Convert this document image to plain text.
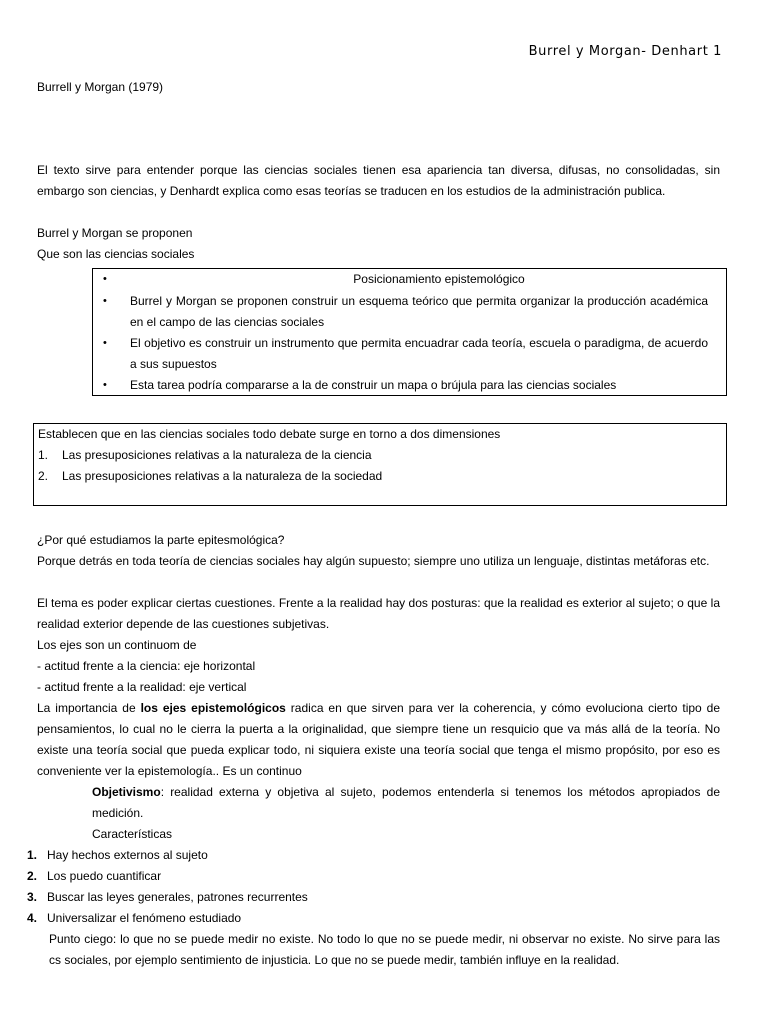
Burrel y Morgan- Denhart 1

Burrell y Morgan (1979)

El texto sirve para entender porque las ciencias sociales tienen esa apariencia tan diversa, difusas, no consolidadas, sin embargo son ciencias, y Denhardt explica como esas teorías se traducen en los estudios de la administración publica.

Burrel y Morgan se proponen

Que son las ciencias sociales

•	Posicionamiento epistemológico
• Burrel y Morgan se proponen construir un esquema teórico que permita organizar la producción académica en el campo de las ciencias sociales
• El objetivo es construir un instrumento que permita encuadrar cada teoría, escuela o paradigma, de acuerdo a sus supuestos
• Esta tarea podría compararse a la de construir un mapa o brújula para las ciencias sociales
Establecen que en las ciencias sociales todo debate surge en torno a dos dimensiones
1. Las presuposiciones relativas a la naturaleza de la ciencia
2. Las presuposiciones relativas a la naturaleza de la sociedad

¿Por qué estudiamos la parte epitesmológica?

Porque detrás en toda teoría de ciencias sociales hay algún supuesto; siempre uno utiliza un lenguaje, distintas metáforas etc.

El tema es poder explicar ciertas cuestiones. Frente a la realidad hay dos posturas: que la realidad es exterior al sujeto; o que la realidad exterior depende de las cuestiones subjetivas.

Los ejes son un continuom de

- actitud frente a la ciencia: eje horizontal

- actitud frente a la realidad: eje vertical

La importancia de los ejes epistemológicos radica en que sirven para ver la coherencia, y cómo evoluciona cierto tipo de pensamientos, lo cual no le cierra la puerta a la originalidad, que siempre tiene un resquicio que va más allá de la teoría. No existe una teoría social que pueda explicar todo, ni siquiera existe una teoría social que tenga el mismo propósito, por eso es conveniente ver la epistemología.. Es un continuo

Objetivismo: realidad externa y objetiva al sujeto, podemos entenderla si tenemos los métodos apropiados de medición.

Características

1. Hay hechos externos al sujeto
2. Los puedo cuantificar
3. Buscar las leyes generales, patrones recurrentes
4. Universalizar el fenómeno estudiado

Punto ciego: lo que no se puede medir no existe. No todo lo que no se puede medir, ni observar no existe. No sirve para las cs sociales, por ejemplo sentimiento de injusticia. Lo que no se puede medir, también influye en la realidad.
